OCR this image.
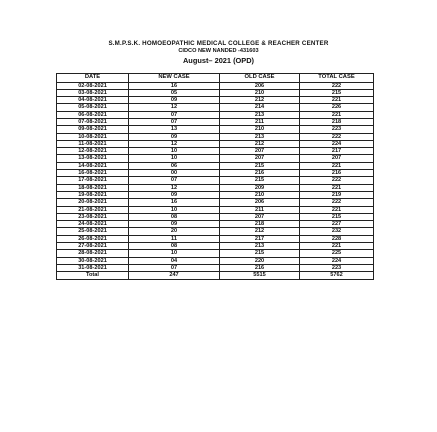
S.M.P.S.K. HOMOEOPATHIC MEDICAL COLLEGE & REACHER CENTER
CIDCO NEW NANDED -431603
August– 2021 (OPD)
DATE	NEW CASE	OLD CASE	TOTAL CASE
02-08-2021	16	206	222
03-08-2021	05	210	215
04-08-2021	09	212	221
05-08-2021	12	214	226
06-08-2021	07	213	221
07-08-2021	07	211	218
09-08-2021	13	210	223
10-08-2021	09	213	222
11-08-2021	12	212	224
12-08-2021	10	207	217
13-08-2021	10	207	207
14-08-2021	06	215	221
16-08-2021	00	216	216
17-08-2021	07	215	222
18-08-2021	12	209	221
19-08-2021	09	210	219
20-08-2021	16	206	222
21-08-2021	10	211	221
23-08-2021	08	207	215
24-08-2021	09	218	227
25-08-2021	20	212	232
26-08-2021	11	217	228
27-08-2021	08	213	221
28-08-2021	10	215	225
30-08-2021	04	220	224
31-08-2021	07	216	223
Total	247	5515	5762
